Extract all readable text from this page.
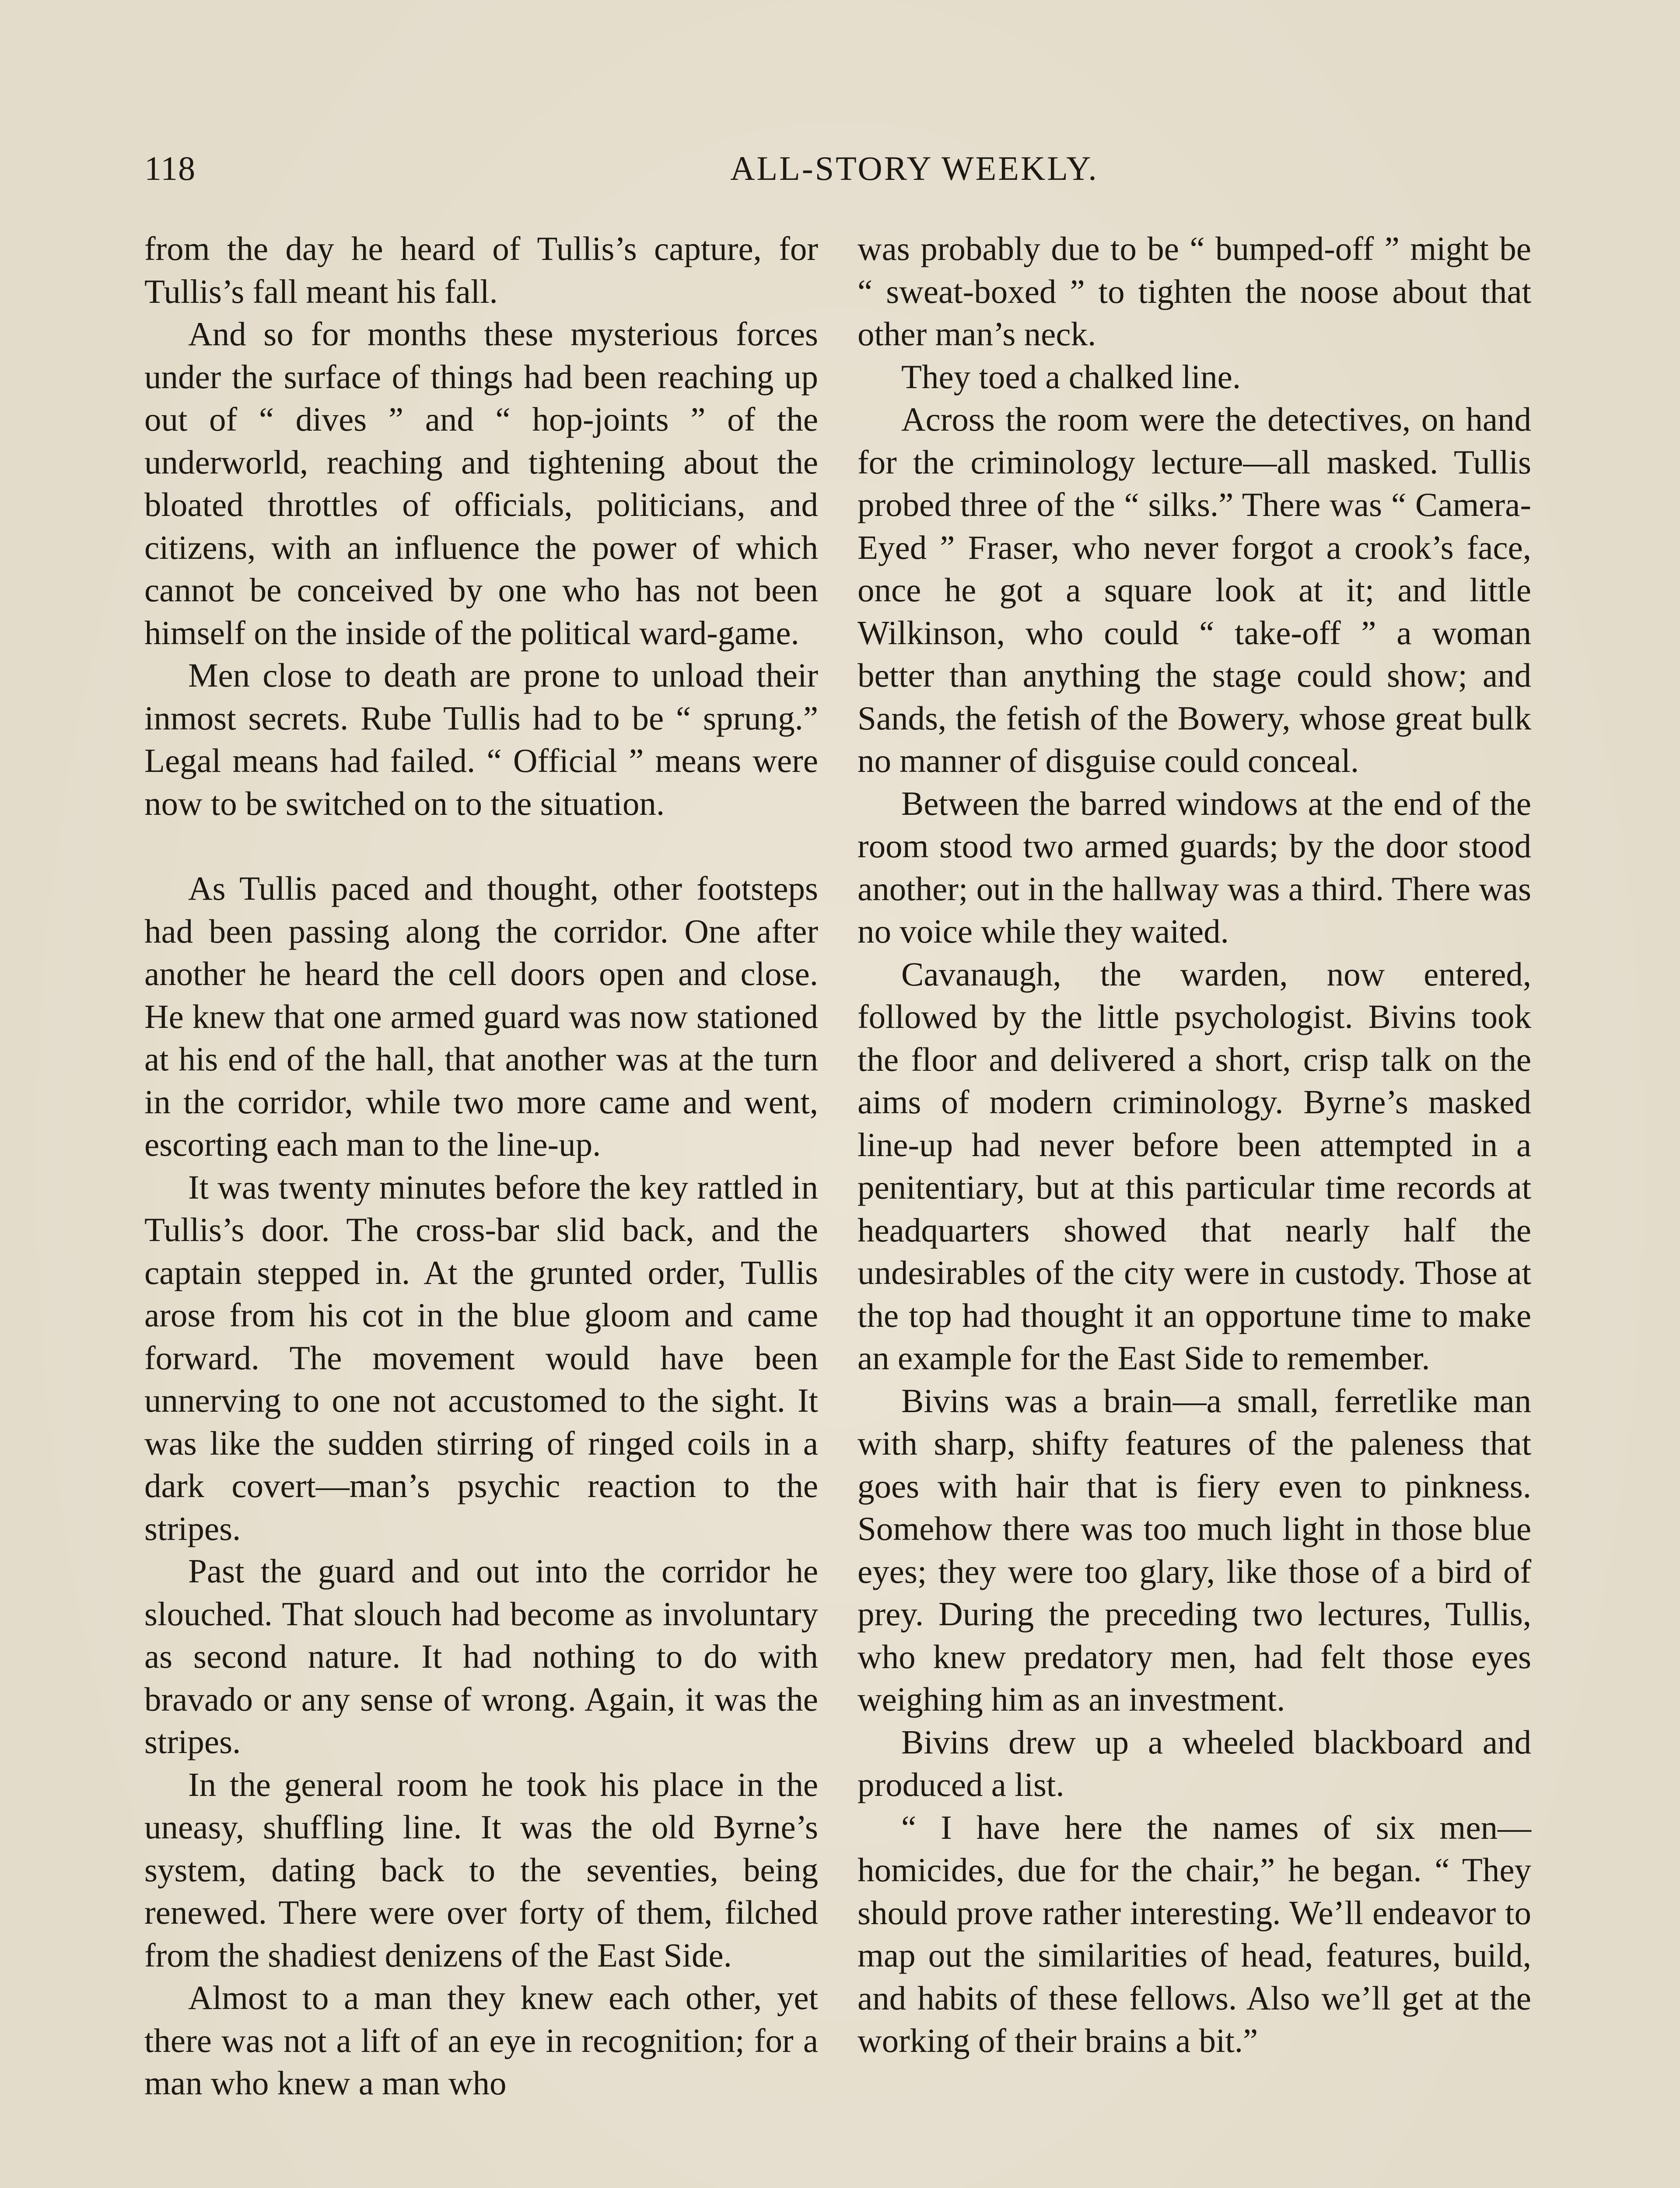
118	ALL-STORY WEEKLY.

from the day he heard of Tullis’s capture, for Tullis’s fall meant his fall.

And so for months these mysterious forces under the surface of things had been reaching up out of “ dives ” and “ hop-joints ” of the underworld, reaching and tightening about the bloated throttles of officials, politicians, and citizens, with an influence the power of which cannot be conceived by one who has not been himself on the inside of the political ward-game.

Men close to death are prone to unload their inmost secrets. Rube Tullis had to be “ sprung.” Legal means had failed. “ Official ” means were now to be switched on to the situation.

As Tullis paced and thought, other footsteps had been passing along the corridor. One after another he heard the cell doors open and close. He knew that one armed guard was now stationed at his end of the hall, that another was at the turn in the corridor, while two more came and went, escorting each man to the line-up.

It was twenty minutes before the key rattled in Tullis’s door. The cross-bar slid back, and the captain stepped in. At the grunted order, Tullis arose from his cot in the blue gloom and came forward. The movement would have been unnerving to one not accustomed to the sight. It was like the sudden stirring of ringed coils in a dark covert—man’s psychic reaction to the stripes.

Past the guard and out into the corridor he slouched. That slouch had become as involuntary as second nature. It had nothing to do with bravado or any sense of wrong. Again, it was the stripes.

In the general room he took his place in the uneasy, shuffling line. It was the old Byrne’s system, dating back to the seventies, being renewed. There were over forty of them, filched from the shadiest denizens of the East Side.

Almost to a man they knew each other, yet there was not a lift of an eye in recognition; for a man who knew a man who

was probably due to be “ bumped-off ” might be “ sweat-boxed ” to tighten the noose about that other man’s neck.

They toed a chalked line.

Across the room were the detectives, on hand for the criminology lecture—all masked. Tullis probed three of the “ silks.” There was “ Camera-Eyed ” Fraser, who never forgot a crook’s face, once he got a square look at it; and little Wilkinson, who could “ take-off ” a woman better than anything the stage could show; and Sands, the fetish of the Bowery, whose great bulk no manner of disguise could conceal.

Between the barred windows at the end of the room stood two armed guards; by the door stood another; out in the hallway was a third. There was no voice while they waited.

Cavanaugh, the warden, now entered, followed by the little psychologist. Bivins took the floor and delivered a short, crisp talk on the aims of modern criminology. Byrne’s masked line-up had never before been attempted in a penitentiary, but at this particular time records at headquarters showed that nearly half the undesirables of the city were in custody. Those at the top had thought it an opportune time to make an example for the East Side to remember.

Bivins was a brain—a small, ferretlike man with sharp, shifty features of the paleness that goes with hair that is fiery even to pinkness. Somehow there was too much light in those blue eyes; they were too glary, like those of a bird of prey. During the preceding two lectures, Tullis, who knew predatory men, had felt those eyes weighing him as an investment.

Bivins drew up a wheeled blackboard and produced a list.

“ I have here the names of six men—homicides, due for the chair,” he began. “ They should prove rather interesting. We’ll endeavor to map out the similarities of head, features, build, and habits of these fellows. Also we’ll get at the working of their brains a bit.”
